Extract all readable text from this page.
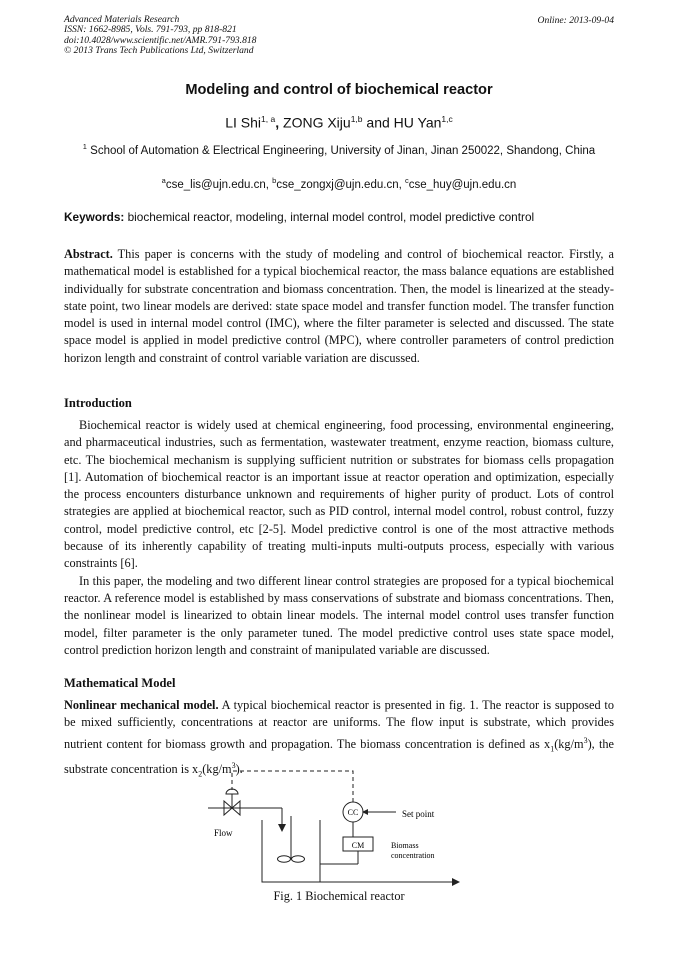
Advanced Materials Research
ISSN: 1662-8985, Vols. 791-793, pp 818-821
doi:10.4028/www.scientific.net/AMR.791-793.818
© 2013 Trans Tech Publications Ltd, Switzerland
Online: 2013-09-04
Modeling and control of biochemical reactor
LI Shi$^{1, a}$, ZONG Xiju$^{1,b}$ and HU Yan$^{1,c}$
$^1$ School of Automation & Electrical Engineering, University of Jinan, Jinan 250022, Shandong, China
$^a$cse_lis@ujn.edu.cn, $^b$cse_zongxj@ujn.edu.cn, $^c$cse_huy@ujn.edu.cn
Keywords: biochemical reactor, modeling, internal model control, model predictive control
Abstract. This paper is concerns with the study of modeling and control of biochemical reactor. Firstly, a mathematical model is established for a typical biochemical reactor, the mass balance equations are established individually for substrate concentration and biomass concentration. Then, the model is linearized at the steady-state point, two linear models are derived: state space model and transfer function model. The transfer function model is used in internal model control (IMC), where the filter parameter is selected and discussed. The state space model is applied in model predictive control (MPC), where controller parameters of control prediction horizon length and constraint of control variable variation are discussed.
Introduction

Biochemical reactor is widely used at chemical engineering, food processing, environmental engineering, and pharmaceutical industries, such as fermentation, wastewater treatment, enzyme reaction, biomass culture, etc. The biochemical mechanism is supplying sufficient nutrition or substrates for biomass cells propagation [1]. Automation of biochemical reactor is an important issue at reactor operation and optimization, especially the process encounters disturbance unknown and requirements of higher purity of product. Lots of control strategies are applied at biochemical reactor, such as PID control, internal model control, robust control, fuzzy control, model predictive control, etc [2-5]. Model predictive control is one of the most attractive methods because of its inherently capability of treating multi-inputs multi-outputs process, especially with various constraints [6].

In this paper, the modeling and two different linear control strategies are proposed for a typical biochemical reactor. A reference model is established by mass conservations of substrate and biomass concentrations. Then, the nonlinear model is linearized to obtain linear models. The internal model control uses transfer function model, filter parameter is the only parameter tuned. The model predictive control uses state space model, control prediction horizon length and constraint of manipulated variable are discussed.

Mathematical Model
Nonlinear mechanical model. A typical biochemical reactor is presented in fig. 1. The reactor is supposed to be mixed sufficiently, concentrations at reactor are uniforms. The flow input is substrate, which provides nutrient content for biomass growth and propagation. The biomass concentration is defined as $x_1(kg/m^3)$, the substrate concentration is $x_2(kg/m^3)$.
CC	Set point
CM
Flow
Biomass
concentration
Fig. 1 Biochemical reactor
